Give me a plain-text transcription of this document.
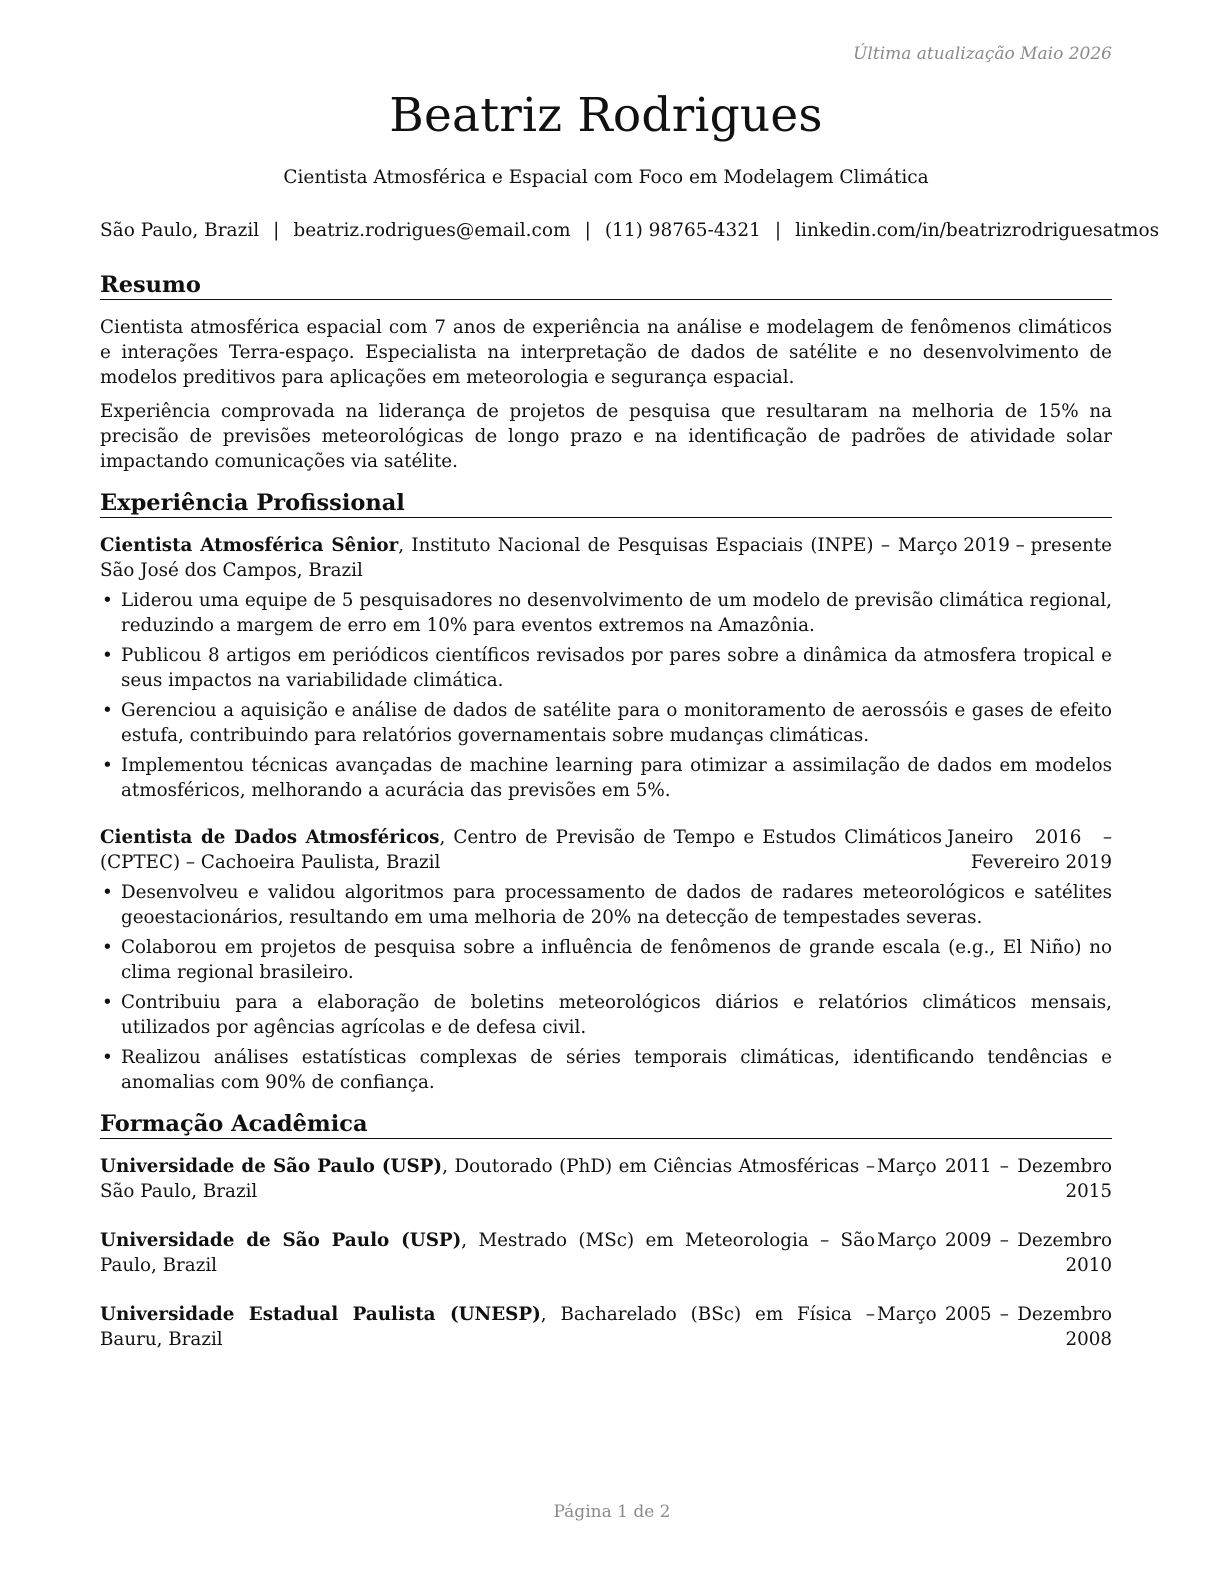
Última atualização Maio 2026
Beatriz Rodrigues
Cientista Atmosférica e Espacial com Foco em Modelagem Climática
São Paulo, Brazil | beatriz.rodrigues@email.com | (11) 98765-4321 | linkedin.com/in/beatrizrodriguesatmos
Resumo
Cientista atmosférica espacial com 7 anos de experiência na análise e modelagem de fenômenos climáticos e interações Terra-espaço. Especialista na interpretação de dados de satélite e no desenvolvimento de modelos preditivos para aplicações em meteorologia e segurança espacial.
Experiência comprovada na liderança de projetos de pesquisa que resultaram na melhoria de 15% na precisão de previsões meteorológicas de longo prazo e na identificação de padrões de atividade solar impactando comunicações via satélite.
Experiência Profissional
Cientista Atmosférica Sênior, Instituto Nacional de Pesquisas Espaciais (INPE) – São José dos Campos, Brazil
Março 2019 – presente
• Liderou uma equipe de 5 pesquisadores no desenvolvimento de um modelo de previsão climática regional, reduzindo a margem de erro em 10% para eventos extremos na Amazônia.
• Publicou 8 artigos em periódicos científicos revisados por pares sobre a dinâmica da atmosfera tropical e seus impactos na variabilidade climática.
• Gerenciou a aquisição e análise de dados de satélite para o monitoramento de aerossóis e gases de efeito estufa, contribuindo para relatórios governamentais sobre mudanças climáticas.
• Implementou técnicas avançadas de machine learning para otimizar a assimilação de dados em modelos atmosféricos, melhorando a acurácia das previsões em 5%.
Cientista de Dados Atmosféricos, Centro de Previsão de Tempo e Estudos Climáticos (CPTEC) – Cachoeira Paulista, Brazil
Janeiro 2016 – Fevereiro 2019
• Desenvolveu e validou algoritmos para processamento de dados de radares meteorológicos e satélites geoestacionários, resultando em uma melhoria de 20% na detecção de tempestades severas.
• Colaborou em projetos de pesquisa sobre a influência de fenômenos de grande escala (e.g., El Niño) no clima regional brasileiro.
• Contribuiu para a elaboração de boletins meteorológicos diários e relatórios climáticos mensais, utilizados por agências agrícolas e de defesa civil.
• Realizou análises estatísticas complexas de séries temporais climáticas, identificando tendências e anomalias com 90% de confiança.
Formação Acadêmica
Universidade de São Paulo (USP), Doutorado (PhD) em Ciências Atmosféricas – São Paulo, Brazil
Março 2011 – Dezembro 2015
Universidade de São Paulo (USP), Mestrado (MSc) em Meteorologia – São Paulo, Brazil
Março 2009 – Dezembro 2010
Universidade Estadual Paulista (UNESP), Bacharelado (BSc) em Física – Bauru, Brazil
Março 2005 – Dezembro 2008
Página 1 de 2
